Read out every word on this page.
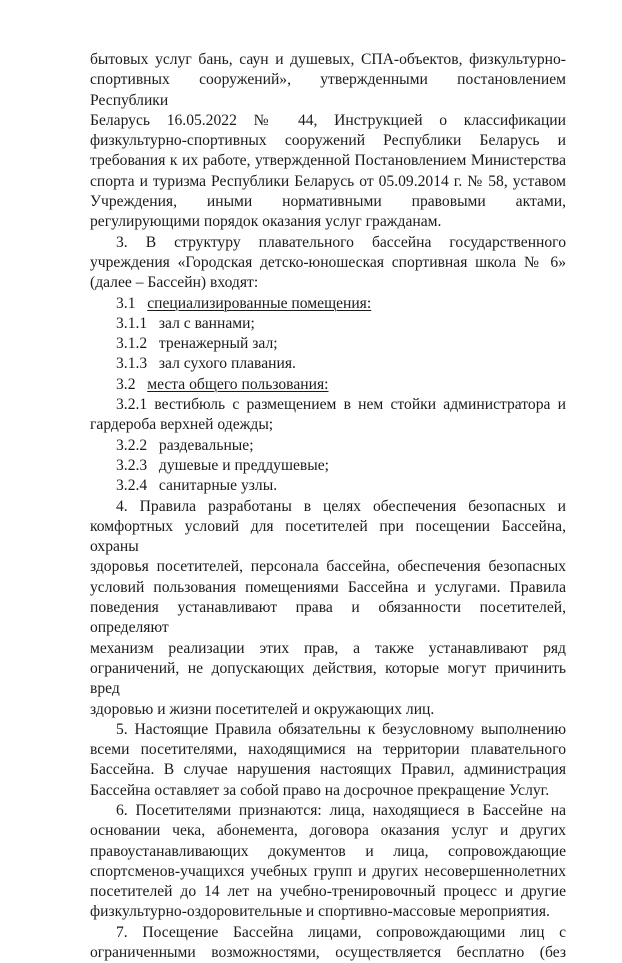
бытовых услуг бань, саун и душевых, СПА-объектов, физкультурно-
спортивных сооружений», утвержденными постановлением Республики
Беларусь 16.05.2022 № 44, Инструкцией о классификации
физкультурно-спортивных сооружений Республики Беларусь и
требования к их работе, утвержденной Постановлением Министерства
спорта и туризма Республики Беларусь от 05.09.2014 г. № 58, уставом
Учреждения, иными нормативными правовыми актами,
регулирующими порядок оказания услуг гражданам.
3. В структуру плавательного бассейна государственного
учреждения «Городская детско-юношеская спортивная школа № 6»
(далее – Бассейн) входят:
3.1 специализированные помещения:
3.1.1 зал с ваннами;
3.1.2 тренажерный зал;
3.1.3 зал сухого плавания.
3.2 места общего пользования:
3.2.1 вестибюль с размещением в нем стойки администратора и
гардероба верхней одежды;
3.2.2 раздевальные;
3.2.3 душевые и преддушевые;
3.2.4 санитарные узлы.
4. Правила разработаны в целях обеспечения безопасных и
комфортных условий для посетителей при посещении Бассейна, охраны
здоровья посетителей, персонала бассейна, обеспечения безопасных
условий пользования помещениями Бассейна и услугами. Правила
поведения устанавливают права и обязанности посетителей, определяют
механизм реализации этих прав, а также устанавливают ряд
ограничений, не допускающих действия, которые могут причинить вред
здоровью и жизни посетителей и окружающих лиц.
5. Настоящие Правила обязательны к безусловному выполнению
всеми посетителями, находящимися на территории плавательного
Бассейна. В случае нарушения настоящих Правил, администрация
Бассейна оставляет за собой право на досрочное прекращение Услуг.
6. Посетителями признаются: лица, находящиеся в Бассейне на
основании чека, абонемента, договора оказания услуг и других
правоустанавливающих документов и лица, сопровождающие
спортсменов-учащихся учебных групп и других несовершеннолетних
посетителей до 14 лет на учебно-тренировочный процесс и другие
физкультурно-оздоровительные и спортивно-массовые мероприятия.
7. Посещение Бассейна лицами, сопровождающими лиц с
ограниченными возможностями, осуществляется бесплатно (без
